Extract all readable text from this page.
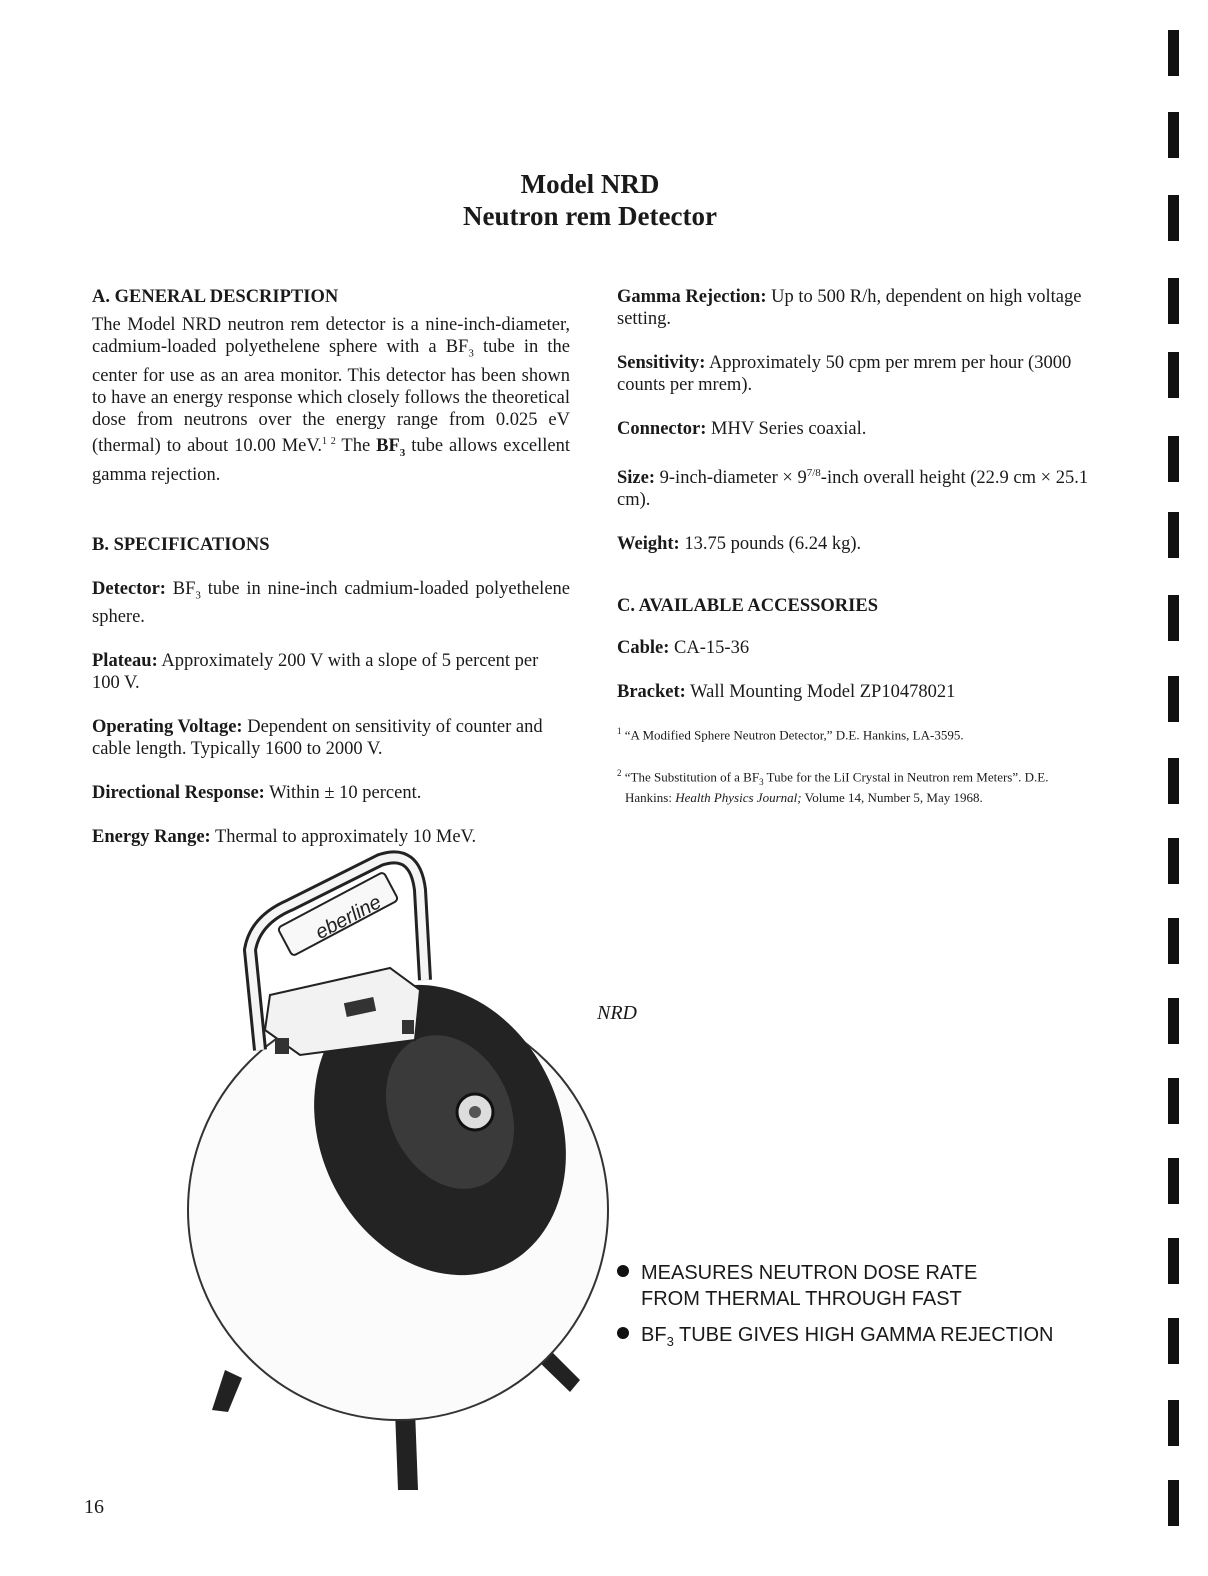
Model NRD
Neutron rem Detector

A. GENERAL DESCRIPTION

The Model NRD neutron rem detector is a nine-inch-diameter, cadmium-loaded polyethelene sphere with a $BF_3$ tube in the center for use as an area monitor. This detector has been shown to have an energy response which closely follows the theoretical dose from neutrons over the energy range from 0.025 eV (thermal) to about 10.00 MeV.$^{1 2}$ The $BF_3$ tube allows excellent gamma rejection.

B. SPECIFICATIONS

Detector: $BF_3$ tube in nine-inch cadmium-loaded polyethelene sphere.

Plateau: Approximately 200 V with a slope of 5 percent per 100 V.

Operating Voltage: Dependent on sensitivity of counter and cable length. Typically 1600 to 2000 V.

Directional Response: Within ± 10 percent.

Energy Range: Thermal to approximately 10 MeV.

Gamma Rejection: Up to 500 R/h, dependent on high voltage setting.

Sensitivity: Approximately 50 cpm per mrem per hour (3000 counts per mrem).

Connector: MHV Series coaxial.

Size: 9-inch-diameter × $9^{7/8}$-inch overall height (22.9 cm × 25.1 cm).

Weight: 13.75 pounds (6.24 kg).

C. AVAILABLE ACCESSORIES

Cable: CA-15-36

Bracket: Wall Mounting Model ZP10478021

$^1$ “A Modified Sphere Neutron Detector,” D.E. Hankins, LA-3595.
$^2$ “The Substitution of a $BF_3$ Tube for the LiI Crystal in Neutron rem Meters”. D.E. Hankins: Health Physics Journal; Volume 14, Number 5, May 1968.
eberline
NRD
MEASURES NEUTRON DOSE RATE
FROM THERMAL THROUGH FAST
$BF_3$ TUBE GIVES HIGH GAMMA REJECTION
16
